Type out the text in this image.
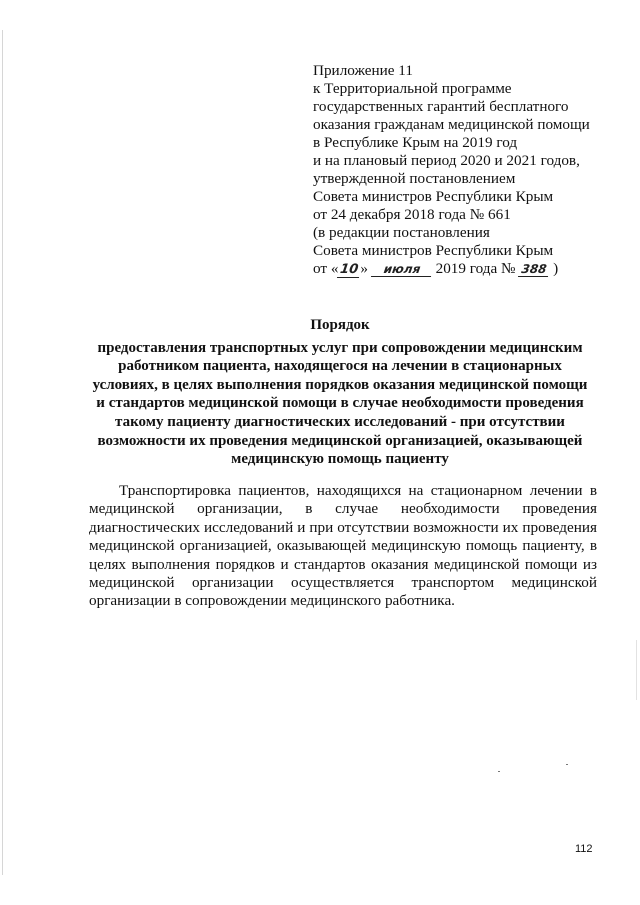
Приложение 11
к Территориальной программе
государственных гарантий бесплатного
оказания гражданам медицинской помощи
в Республике Крым на 2019 год
и на плановый период 2020 и 2021 годов,
утвержденной постановлением
Совета министров Республики Крым
от 24 декабря 2018 года № 661
(в редакции постановления
Совета министров Республики Крым
от «10» июля 2019 года № 388 )
Порядок
предоставления транспортных услуг при сопровождении медицинским
работником пациента, находящегося на лечении в стационарных
условиях, в целях выполнения порядков оказания медицинской помощи
и стандартов медицинской помощи в случае необходимости проведения
такому пациенту диагностических исследований - при отсутствии
возможности их проведения медицинской организацией, оказывающей
медицинскую помощь пациенту
Транспортировка пациентов, находящихся на стационарном лечении в
медицинской организации, в случае необходимости проведения
диагностических исследований и при отсутствии возможности их проведения
медицинской организацией, оказывающей медицинскую помощь пациенту, в
целях выполнения порядков и стандартов оказания медицинской помощи из
медицинской организации осуществляется транспортом медицинской
организации в сопровождении медицинского работника.
112
